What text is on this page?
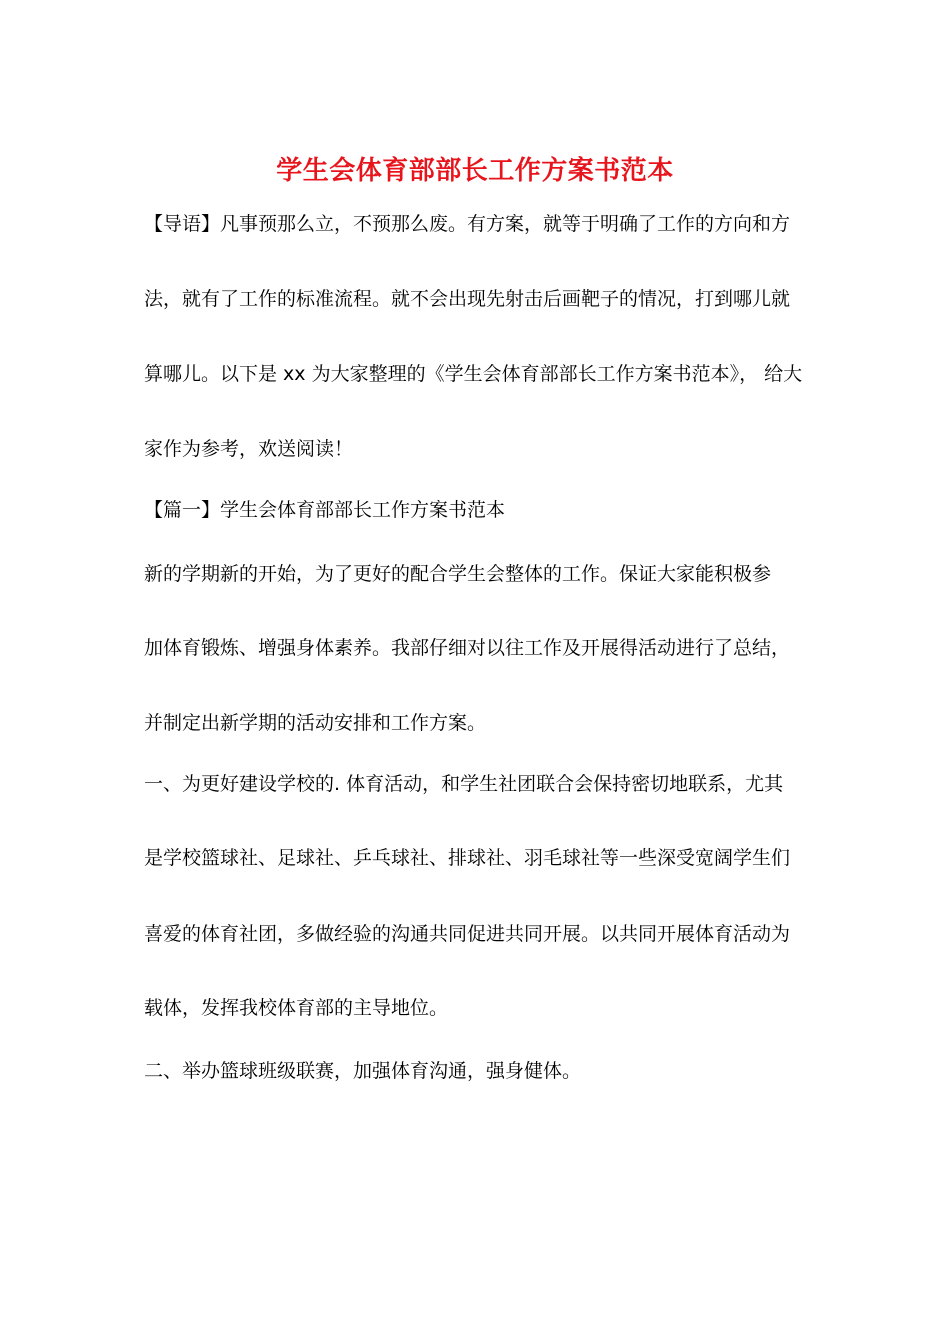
学生会体育部部长工作方案书范本
【导语】凡事预那么立，不预那么废。有方案，就等于明确了工作的方向和方
法，就有了工作的标准流程。就不会出现先射击后画靶子的情况，打到哪儿就
算哪儿。以下是 xx 为大家整理的《学生会体育部部长工作方案书范本》， 给大
家作为参考，欢送阅读！
【篇一】学生会体育部部长工作方案书范本
新的学期新的开始，为了更好的配合学生会整体的工作。保证大家能积极参
加体育锻炼、增强身体素养。我部仔细对以往工作及开展得活动进行了总结，
并制定出新学期的活动安排和工作方案。
一、为更好建设学校的. 体育活动，和学生社团联合会保持密切地联系，尤其
是学校篮球社、足球社、乒乓球社、排球社、羽毛球社等一些深受宽阔学生们
喜爱的体育社团，多做经验的沟通共同促进共同开展。以共同开展体育活动为
载体，发挥我校体育部的主导地位。
二、举办篮球班级联赛，加强体育沟通，强身健体。
